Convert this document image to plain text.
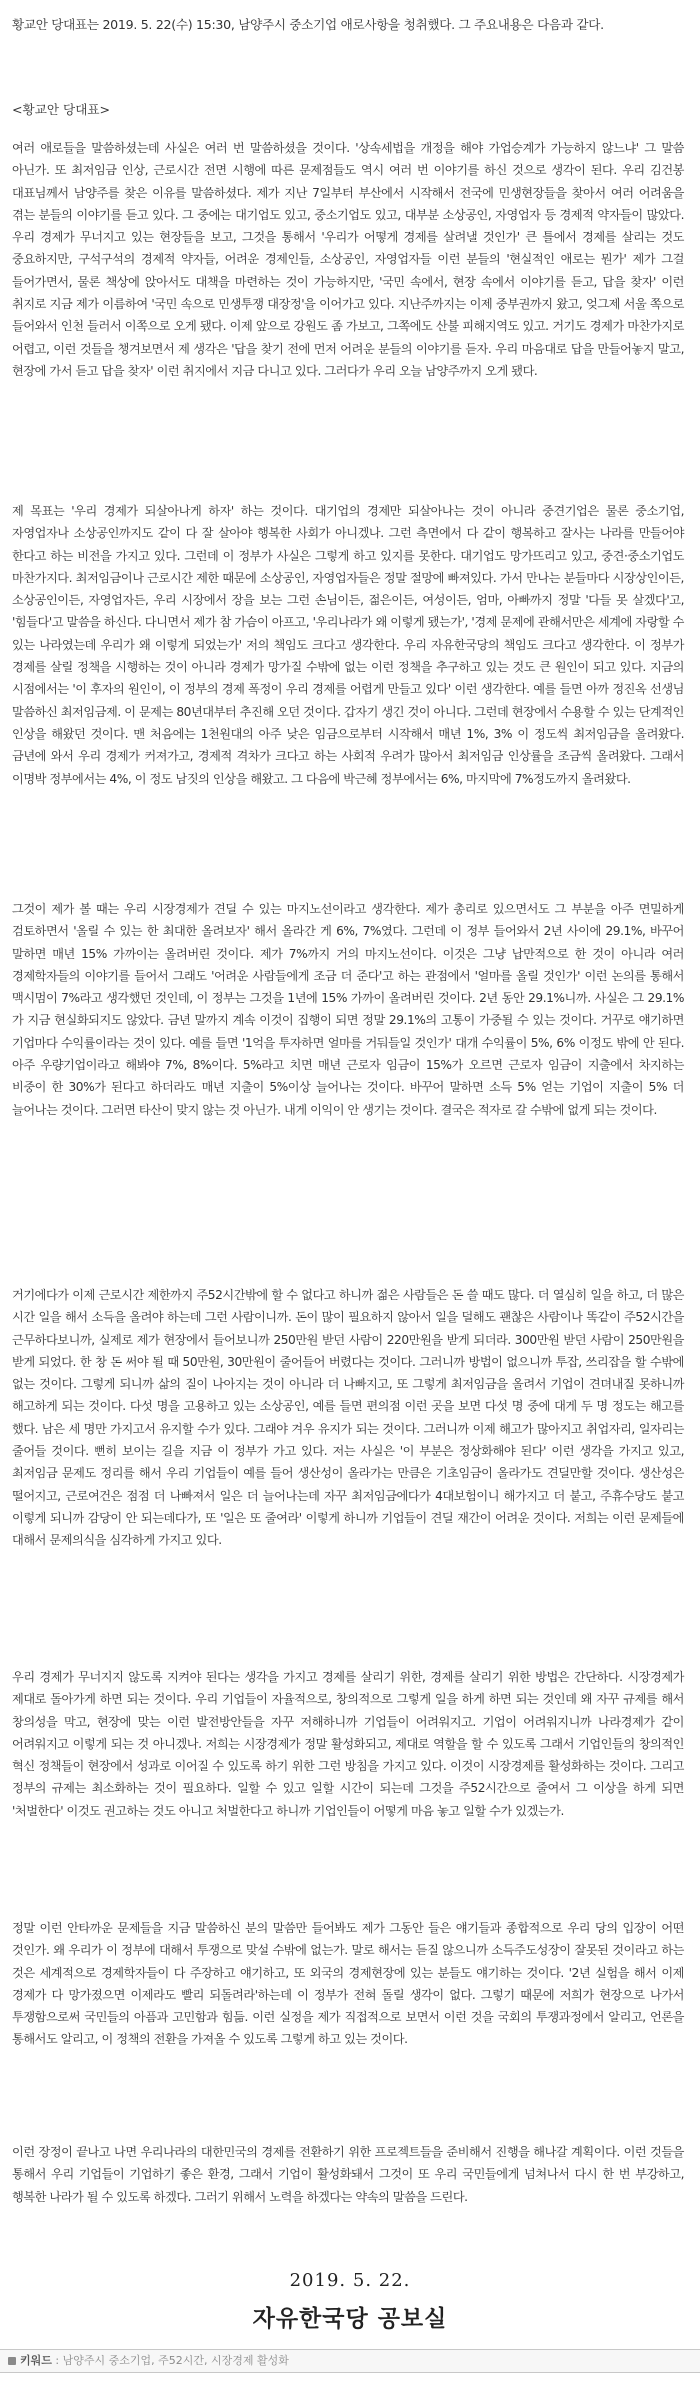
황교안 당대표는 2019. 5. 22(수) 15:30, 남양주시 중소기업 애로사항을 청취했다. 그 주요내용은 다음과 같다.
<황교안 당대표>
여러 애로들을 말씀하셨는데 사실은 여러 번 말씀하셨을 것이다. '상속세법을 개정을 해야 가업승계가 가능하지 않느냐' 그 말씀 아닌가. 또 최저임금 인상, 근로시간 전면 시행에 따른 문제점들도 역시 여러 번 이야기를 하신 것으로 생각이 된다. 우리 김건봉 대표님께서 남양주를 찾은 이유를 말씀하셨다. 제가 지난 7일부터 부산에서 시작해서 전국에 민생현장들을 찾아서 여러 어려움을 겪는 분들의 이야기를 듣고 있다. 그 중에는 대기업도 있고, 중소기업도 있고, 대부분 소상공인, 자영업자 등 경제적 약자들이 많았다. 우리 경제가 무너지고 있는 현장들을 보고, 그것을 통해서 '우리가 어떻게 경제를 살려낼 것인가' 큰 틀에서 경제를 살리는 것도 중요하지만, 구석구석의 경제적 약자들, 어려운 경제인들, 소상공인, 자영업자들 이런 분들의 '현실적인 애로는 뭔가' 제가 그걸 들어가면서, 물론 책상에 앉아서도 대책을 마련하는 것이 가능하지만, '국민 속에서, 현장 속에서 이야기를 듣고, 답을 찾자' 이런 취지로 지금 제가 이름하여 '국민 속으로 민생투쟁 대장정'을 이어가고 있다. 지난주까지는 이제 중부권까지 왔고, 엊그제 서울 쪽으로 들어와서 인천 들러서 이쪽으로 오게 됐다. 이제 앞으로 강원도 좀 가보고, 그쪽에도 산불 피해지역도 있고. 거기도 경제가 마찬가지로 어렵고, 이런 것들을 챙겨보면서 제 생각은 '답을 찾기 전에 먼저 어려운 분들의 이야기를 듣자. 우리 마음대로 답을 만들어놓지 말고, 현장에 가서 듣고 답을 찾자' 이런 취지에서 지금 다니고 있다. 그러다가 우리 오늘 남양주까지 오게 됐다.
제 목표는 '우리 경제가 되살아나게 하자' 하는 것이다. 대기업의 경제만 되살아나는 것이 아니라 중견기업은 물론 중소기업, 자영업자나 소상공인까지도 같이 다 잘 살아야 행복한 사회가 아니겠나. 그런 측면에서 다 같이 행복하고 잘사는 나라를 만들어야 한다고 하는 비전을 가지고 있다. 그런데 이 정부가 사실은 그렇게 하고 있지를 못한다. 대기업도 망가뜨리고 있고, 중견·중소기업도 마찬가지다. 최저임금이나 근로시간 제한 때문에 소상공인, 자영업자들은 정말 절망에 빠져있다. 가서 만나는 분들마다 시장상인이든, 소상공인이든, 자영업자든, 우리 시장에서 장을 보는 그런 손님이든, 젊은이든, 여성이든, 엄마, 아빠까지 정말 '다들 못 살겠다'고, '힘들다'고 말씀을 하신다. 다니면서 제가 참 가슴이 아프고, '우리나라가 왜 이렇게 됐는가', '경제 문제에 관해서만은 세계에 자랑할 수 있는 나라였는데 우리가 왜 이렇게 되었는가' 저의 책임도 크다고 생각한다. 우리 자유한국당의 책임도 크다고 생각한다. 이 정부가 경제를 살릴 정책을 시행하는 것이 아니라 경제가 망가질 수밖에 없는 이런 정책을 추구하고 있는 것도 큰 원인이 되고 있다. 지금의 시점에서는 '이 후자의 원인이, 이 정부의 경제 폭정이 우리 경제를 어렵게 만들고 있다' 이런 생각한다. 예를 들면 아까 정진옥 선생님 말씀하신 최저임금제. 이 문제는 80년대부터 추진해 오던 것이다. 갑자기 생긴 것이 아니다. 그런데 현장에서 수용할 수 있는 단계적인 인상을 해왔던 것이다. 맨 처음에는 1천원대의 아주 낮은 임금으로부터 시작해서 매년 1%, 3% 이 정도씩 최저임금을 올려왔다. 금년에 와서 우리 경제가 커져가고, 경제적 격차가 크다고 하는 사회적 우려가 많아서 최저임금 인상률을 조금씩 올려왔다. 그래서 이명박 정부에서는 4%, 이 정도 남짓의 인상을 해왔고. 그 다음에 박근혜 정부에서는 6%, 마지막에 7%정도까지 올려왔다.
그것이 제가 볼 때는 우리 시장경제가 견딜 수 있는 마지노선이라고 생각한다. 제가 총리로 있으면서도 그 부분을 아주 면밀하게 검토하면서 '올릴 수 있는 한 최대한 올려보자' 해서 올라간 게 6%, 7%였다. 그런데 이 정부 들어와서 2년 사이에 29.1%, 바꾸어 말하면 매년 15% 가까이는 올려버린 것이다. 제가 7%까지 거의 마지노선이다. 이것은 그냥 납만적으로 한 것이 아니라 여러 경제학자들의 이야기를 들어서 그래도 '어려운 사람들에게 조금 더 준다'고 하는 관점에서 '얼마를 올릴 것인가' 이런 논의를 통해서 맥시멈이 7%라고 생각했던 것인데, 이 정부는 그것을 1년에 15% 가까이 올려버린 것이다. 2년 동안 29.1%니까. 사실은 그 29.1%가 지금 현실화되지도 않았다. 금년 말까지 계속 이것이 집행이 되면 정말 29.1%의 고통이 가중될 수 있는 것이다. 거꾸로 얘기하면 기업마다 수익률이라는 것이 있다. 예를 들면 '1억을 투자하면 얼마를 거둬들일 것인가' 대개 수익률이 5%, 6% 이정도 밖에 안 된다. 아주 우량기업이라고 해봐야 7%, 8%이다. 5%라고 치면 매년 근로자 임금이 15%가 오르면 근로자 임금이 지출에서 차지하는 비중이 한 30%가 된다고 하더라도 매년 지출이 5%이상 늘어나는 것이다. 바꾸어 말하면 소득 5% 얻는 기업이 지출이 5% 더 늘어나는 것이다. 그러면 타산이 맞지 않는 것 아닌가. 내게 이익이 안 생기는 것이다. 결국은 적자로 갈 수밖에 없게 되는 것이다.
거기에다가 이제 근로시간 제한까지 주52시간밖에 할 수 없다고 하니까 젊은 사람들은 돈 쓸 때도 많다. 더 열심히 일을 하고, 더 많은 시간 일을 해서 소득을 올려야 하는데 그런 사람이니까. 돈이 많이 필요하지 않아서 일을 덜해도 괜찮은 사람이나 똑같이 주52시간을 근무하다보니까, 실제로 제가 현장에서 들어보니까 250만원 받던 사람이 220만원을 받게 되더라. 300만원 받던 사람이 250만원을 받게 되었다. 한 창 돈 써야 될 때 50만원, 30만원이 줄어들어 버렸다는 것이다. 그러니까 방법이 없으니까 투잡, 쓰리잡을 할 수밖에 없는 것이다. 그렇게 되니까 삶의 질이 나아지는 것이 아니라 더 나빠지고, 또 그렇게 최저임금을 올려서 기업이 견뎌내질 못하니까 해고하게 되는 것이다. 다섯 명을 고용하고 있는 소상공인, 예를 들면 편의점 이런 곳을 보면 다섯 명 중에 대게 두 명 정도는 해고를 했다. 남은 세 명만 가지고서 유지할 수가 있다. 그래야 겨우 유지가 되는 것이다. 그러니까 이제 해고가 많아지고 취업자리, 일자리는 줄어들 것이다. 뻔히 보이는 길을 지금 이 정부가 가고 있다. 저는 사실은 '이 부분은 정상화해야 된다' 이런 생각을 가지고 있고, 최저임금 문제도 정리를 해서 우리 기업들이 예를 들어 생산성이 올라가는 만큼은 기초임금이 올라가도 견딜만할 것이다. 생산성은 떨어지고, 근로여건은 점점 더 나빠져서 일은 더 늘어나는데 자꾸 최저임금에다가 4대보험이니 해가지고 더 붙고, 주휴수당도 붙고 이렇게 되니까 감당이 안 되는데다가, 또 '일은 또 줄여라' 이렇게 하니까 기업들이 견딜 재간이 어려운 것이다. 저희는 이런 문제들에 대해서 문제의식을 심각하게 가지고 있다.
우리 경제가 무너지지 않도록 지켜야 된다는 생각을 가지고 경제를 살리기 위한, 경제를 살리기 위한 방법은 간단하다. 시장경제가 제대로 돌아가게 하면 되는 것이다. 우리 기업들이 자율적으로, 창의적으로 그렇게 일을 하게 하면 되는 것인데 왜 자꾸 규제를 해서 창의성을 막고, 현장에 맞는 이런 발전방안들을 자꾸 저해하니까 기업들이 어려워지고. 기업이 어려워지니까 나라경제가 같이 어려워지고 이렇게 되는 것 아니겠나. 저희는 시장경제가 정말 활성화되고, 제대로 역할을 할 수 있도록 그래서 기업인들의 창의적인 혁신 정책들이 현장에서 성과로 이어질 수 있도록 하기 위한 그런 방침을 가지고 있다. 이것이 시장경제를 활성화하는 것이다. 그리고 정부의 규제는 최소화하는 것이 필요하다. 일할 수 있고 일할 시간이 되는데 그것을 주52시간으로 줄여서 그 이상을 하게 되면 '처벌한다' 이것도 권고하는 것도 아니고 처벌한다고 하니까 기업인들이 어떻게 마음 놓고 일할 수가 있겠는가.
정말 이런 안타까운 문제들을 지금 말씀하신 분의 말씀만 들어봐도 제가 그동안 들은 얘기들과 종합적으로 우리 당의 입장이 어떤 것인가. 왜 우리가 이 정부에 대해서 투쟁으로 맞설 수밖에 없는가. 말로 해서는 듣질 않으니까 소득주도성장이 잘못된 것이라고 하는 것은 세계적으로 경제학자들이 다 주장하고 얘기하고, 또 외국의 경제현장에 있는 분들도 얘기하는 것이다. '2년 실험을 해서 이제 경제가 다 망가졌으면 이제라도 빨리 되돌려라'하는데 이 정부가 전혀 돌릴 생각이 없다. 그렇기 때문에 저희가 현장으로 나가서 투쟁함으로써 국민들의 아픔과 고민함과 힘듦. 이런 실정을 제가 직접적으로 보면서 이런 것을 국회의 투쟁과정에서 알리고, 언론을 통해서도 알리고, 이 정책의 전환을 가져올 수 있도록 그렇게 하고 있는 것이다.
이런 장정이 끝나고 나면 우리나라의 대한민국의 경제를 전환하기 위한 프로젝트들을 준비해서 진행을 해나갈 계획이다. 이런 것들을 통해서 우리 기업들이 기업하기 좋은 환경, 그래서 기업이 활성화돼서 그것이 또 우리 국민들에게 넘쳐나서 다시 한 번 부강하고, 행복한 나라가 될 수 있도록 하겠다. 그러기 위해서 노력을 하겠다는 약속의 말씀을 드린다.
2019. 5. 22.
자유한국당 공보실
키워드 : 남양주시 중소기업, 주52시간, 시장경제 활성화
